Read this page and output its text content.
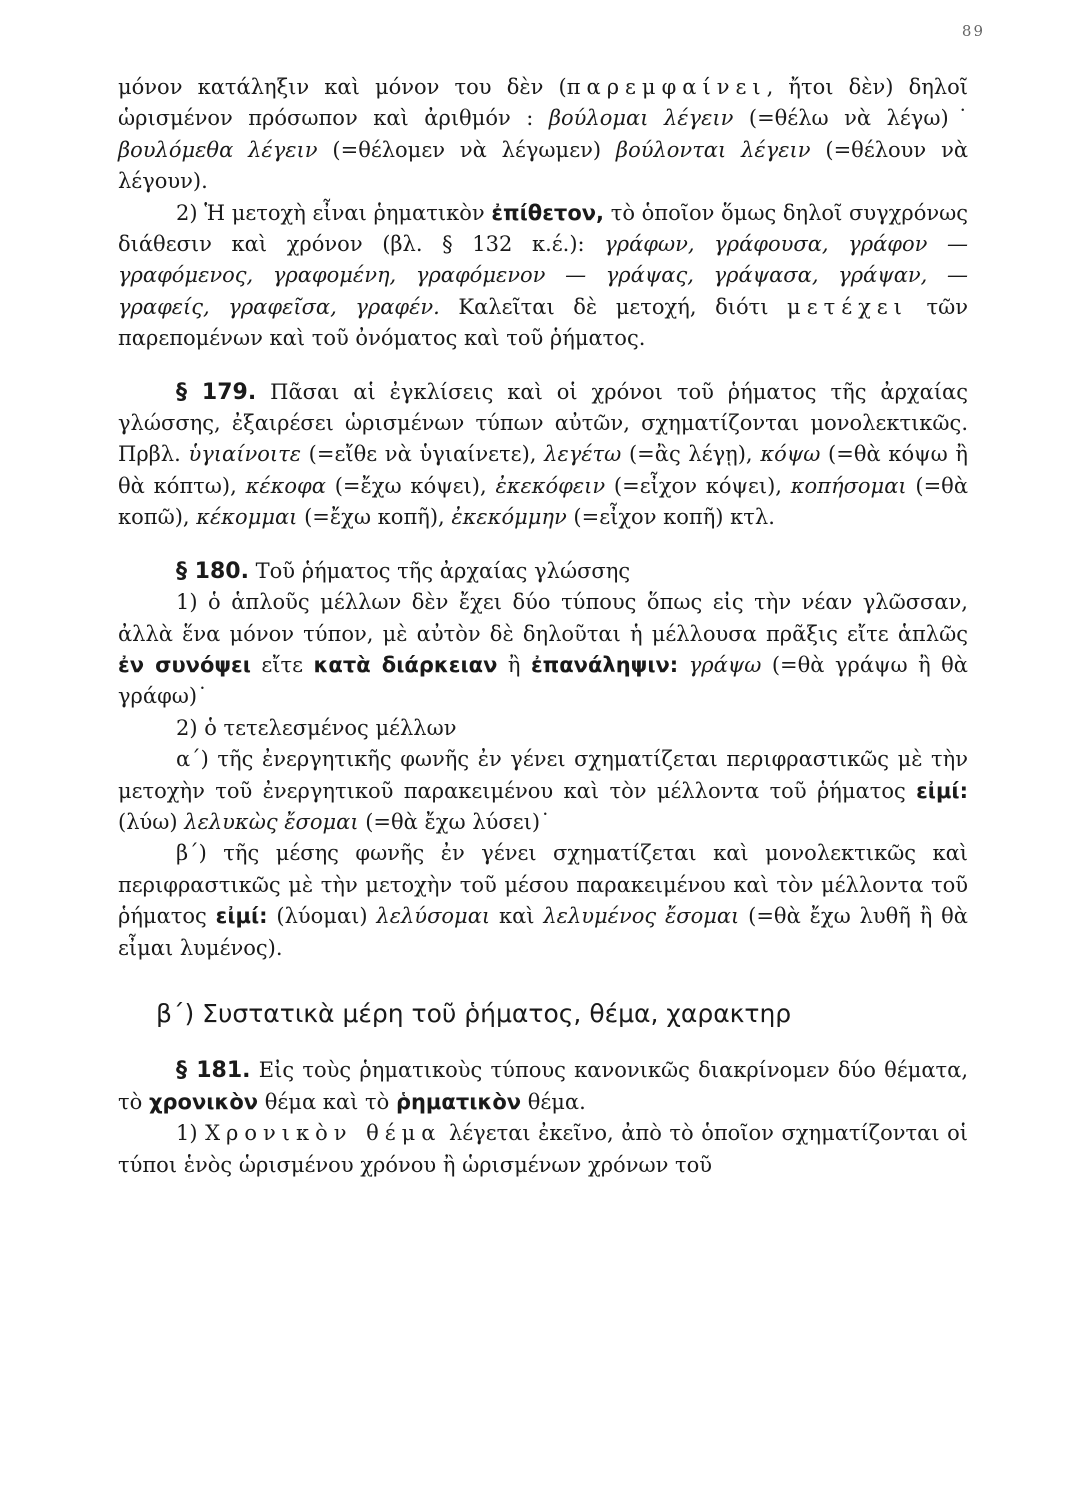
89

μόνον κατάληξιν καὶ μόνον του δὲν (παρεμφαίνει, ἤτοι δὲν) δηλοῖ ὡρισμένον πρόσωπον καὶ ἀριθμόν : βούλομαι λέγειν (=θέλω νὰ λέγω)˙ βουλόμεθα λέγειν (=θέλομεν νὰ λέγωμεν) βούλονται λέγειν (=θέλουν νὰ λέγουν).

2) Ἡ μετοχὴ εἶναι ῥηματικὸν ἐπίθετον, τὸ ὁποῖον ὅμως δηλοῖ συγχρόνως διάθεσιν καὶ χρόνον (βλ. § 132 κ.έ.): γράφων, γράφουσα, γράφον — γραφόμενος, γραφομένη, γραφόμενον — γράψας, γράψασα, γράψαν, — γραφείς, γραφεῖσα, γραφέν. Καλεῖται δὲ μετοχή, διότι μετέχει τῶν παρεπομένων καὶ τοῦ ὀνόματος καὶ τοῦ ῥήματος.

§ 179. Πᾶσαι αἱ ἐγκλίσεις καὶ οἱ χρόνοι τοῦ ῥήματος τῆς ἀρχαίας γλώσσης, ἐξαιρέσει ὡρισμένων τύπων αὐτῶν, σχηματίζονται μονολεκτικῶς. Πρβλ. ὑγιαίνοιτε (=εἴθε νὰ ὑγιαίνετε), λεγέτω (=ἂς λέγῃ), κόψω (=θὰ κόψω ἢ θὰ κόπτω), κέκοφα (=ἔχω κόψει), ἐκεκόφειν (=εἶχον κόψει), κοπήσομαι (=θὰ κοπῶ), κέκομμαι (=ἔχω κοπῆ), ἐκεκόμμην (=εἶχον κοπῆ) κτλ.

§ 180. Τοῦ ῥήματος τῆς ἀρχαίας γλώσσης

1) ὁ ἁπλοῦς μέλλων δὲν ἔχει δύο τύπους ὅπως εἰς τὴν νέαν γλῶσσαν, ἀλλὰ ἕνα μόνον τύπον, μὲ αὐτὸν δὲ δηλοῦται ἡ μέλλουσα πρᾶξις εἴτε ἁπλῶς ἐν συνόψει εἴτε κατὰ διάρκειαν ἢ ἐπανάληψιν: γράψω (=θὰ γράψω ἢ θὰ γράφω)˙

2) ὁ τετελεσμένος μέλλων

α΄) τῆς ἐνεργητικῆς φωνῆς ἐν γένει σχηματίζεται περιφραστικῶς μὲ τὴν μετοχὴν τοῦ ἐνεργητικοῦ παρακειμένου καὶ τὸν μέλλοντα τοῦ ῥήματος εἰμί: (λύω) λελυκὼς ἔσομαι (=θὰ ἔχω λύσει)˙

β΄) τῆς μέσης φωνῆς ἐν γένει σχηματίζεται καὶ μονολεκτικῶς καὶ περιφραστικῶς μὲ τὴν μετοχὴν τοῦ μέσου παρακειμένου καὶ τὸν μέλλοντα τοῦ ῥήματος εἰμί: (λύομαι) λελύσομαι καὶ λελυμένος ἔσομαι (=θὰ ἔχω λυθῆ ἢ θὰ εἶμαι λυμένος).

β΄) Συστατικὰ μέρη τοῦ ῥήματος, θέμα, χαρακτηρ

§ 181. Εἰς τοὺς ῥηματικοὺς τύπους κανονικῶς διακρίνομεν δύο θέματα, τὸ χρονικὸν θέμα καὶ τὸ ῥηματικὸν θέμα.

1) Χρονικὸν θέμα λέγεται ἐκεῖνο, ἀπὸ τὸ ὁποῖον σχηματίζονται οἱ τύποι ἑνὸς ὡρισμένου χρόνου ἢ ὡρισμένων χρόνων τοῦ
